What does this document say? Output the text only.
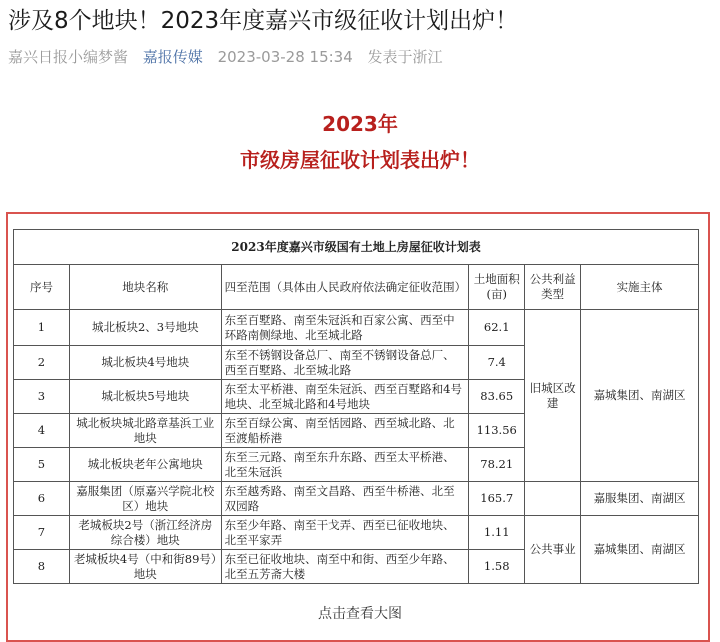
涉及8个地块！2023年度嘉兴市级征收计划出炉！
嘉兴日报小编梦酱 嘉报传媒 2023-03-28 15:34 发表于浙江
2023年
市级房屋征收计划表出炉！
2023年度嘉兴市级国有土地上房屋征收计划表					
序号	地块名称	四至范围（具体由人民政府依法确定征收范围）	土地面积(亩)	公共利益类型	实施主体
1	城北板块2、3号地块	东至百墅路、南至朱冠浜和百家公寓、西至中环路南侧绿地、北至城北路	62.1	旧城区改建	嘉城集团、南湖区
2	城北板块4号地块	东至不锈钢设备总厂、南至不锈钢设备总厂、西至百墅路、北至城北路	7.4		
3	城北板块5号地块	东至太平桥港、南至朱冠浜、西至百墅路和4号地块、北至城北路和4号地块	83.65		
4	城北板块城北路章基浜工业地块	东至百绿公寓、南至恬园路、西至城北路、北至渡船桥港	113.56		
5	城北板块老年公寓地块	东至三元路、南至东升东路、西至太平桥港、北至朱冠浜	78.21		
6	嘉服集团（原嘉兴学院北校区）地块	东至越秀路、南至文昌路、西至牛桥港、北至双园路	165.7		嘉服集团、南湖区
7	老城板块2号（浙江经济房综合楼）地块	东至少年路、南至干戈弄、西至已征收地块、北至平家弄	1.11	公共事业	嘉城集团、南湖区
8	老城板块4号（中和街89号）地块	东至已征收地块、南至中和街、西至少年路、北至五芳斋大楼	1.58		
点击查看大图
